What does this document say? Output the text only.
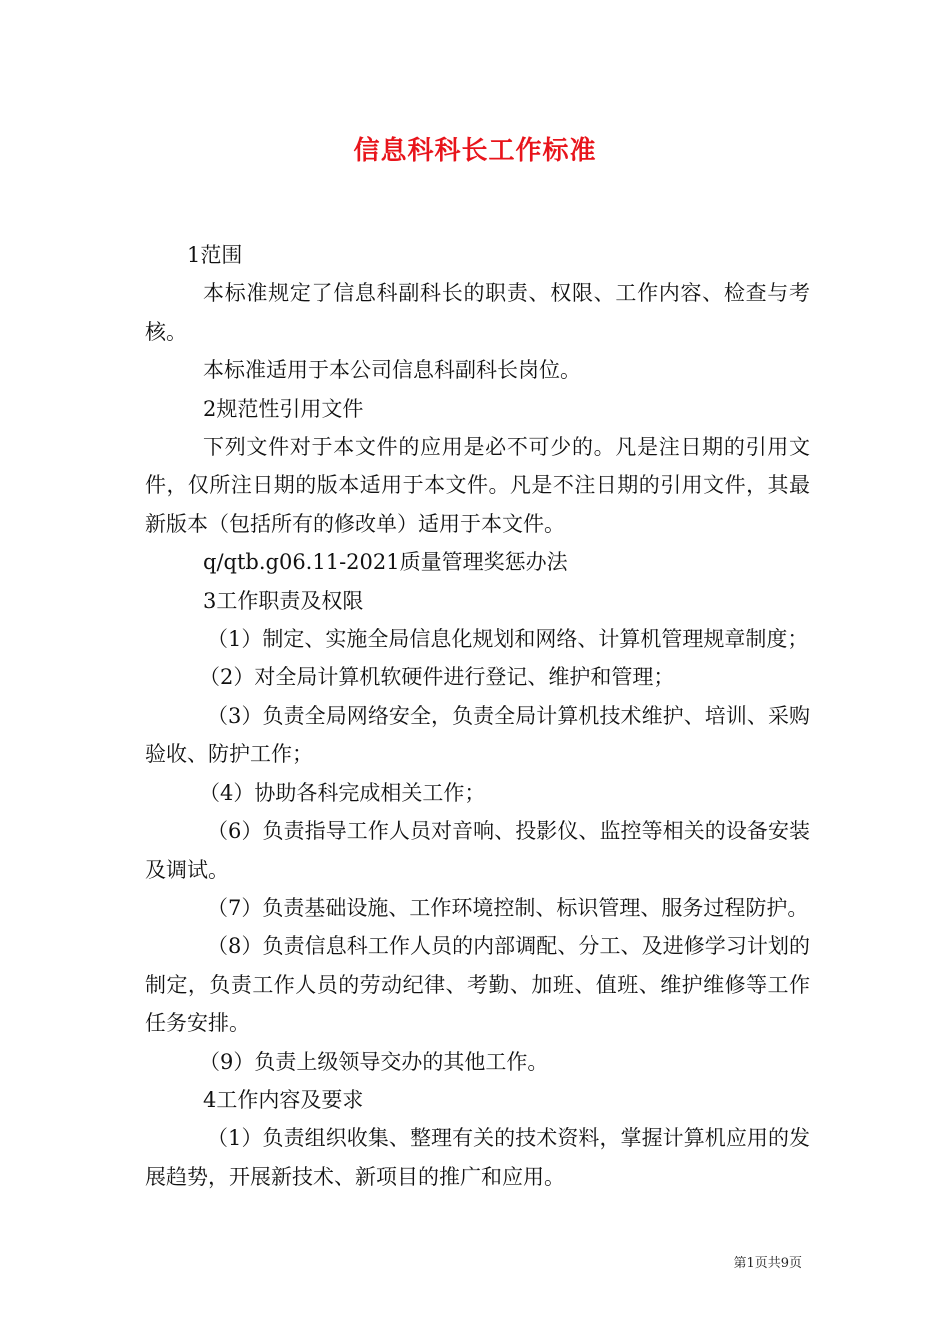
信息科科长工作标准

1范围

本标准规定了信息科副科长的职责、权限、工作内容、检查与考核。

本标准适用于本公司信息科副科长岗位。

2规范性引用文件

下列文件对于本文件的应用是必不可少的。凡是注日期的引用文件，仅所注日期的版本适用于本文件。凡是不注日期的引用文件，其最新版本（包括所有的修改单）适用于本文件。

q/qtb.g06.11-2021质量管理奖惩办法

3工作职责及权限

（1）制定、实施全局信息化规划和网络、计算机管理规章制度；

（2）对全局计算机软硬件进行登记、维护和管理；

（3）负责全局网络安全，负责全局计算机技术维护、培训、采购验收、防护工作；

（4）协助各科完成相关工作；

（6）负责指导工作人员对音响、投影仪、监控等相关的设备安装及调试。

（7）负责基础设施、工作环境控制、标识管理、服务过程防护。

（8）负责信息科工作人员的内部调配、分工、及进修学习计划的制定，负责工作人员的劳动纪律、考勤、加班、值班、维护维修等工作任务安排。

（9）负责上级领导交办的其他工作。

4工作内容及要求

（1）负责组织收集、整理有关的技术资料，掌握计算机应用的发展趋势，开展新技术、新项目的推广和应用。

第1页共9页
